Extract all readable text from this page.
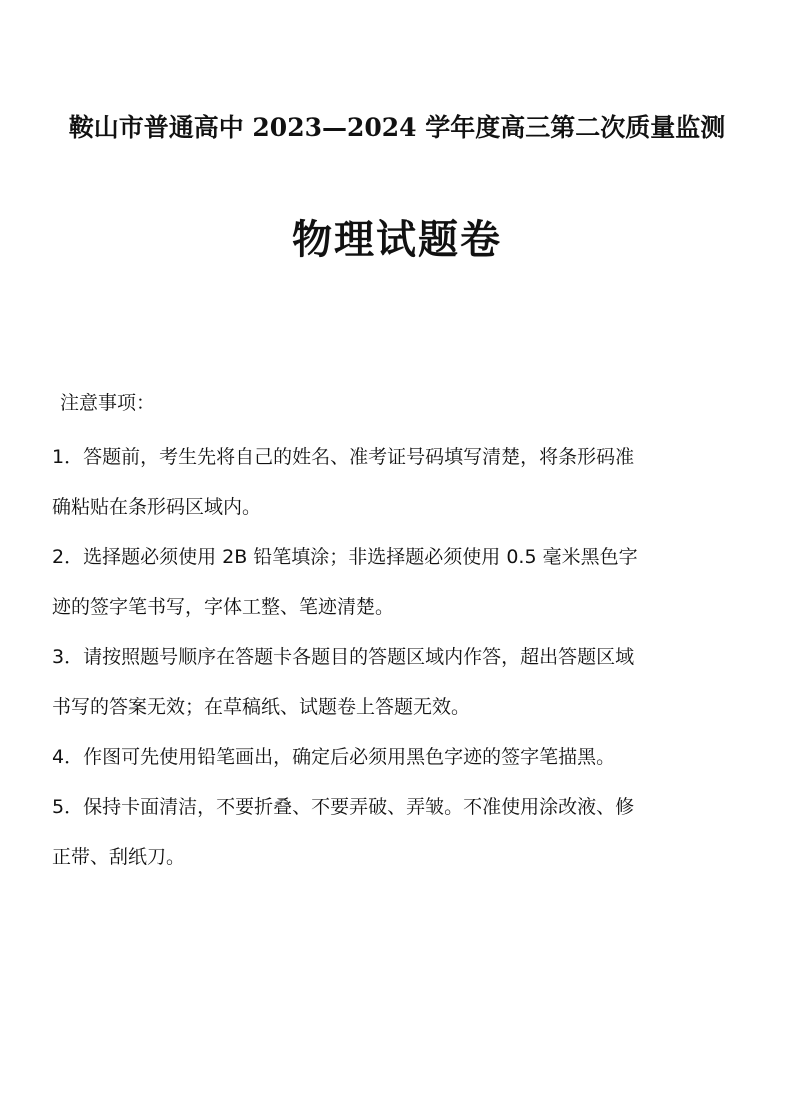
鞍山市普通高中 2023—2024 学年度高三第二次质量监测
物理试题卷
注意事项：
1．答题前，考生先将自己的姓名、准考证号码填写清楚，将条形码准
确粘贴在条形码区域内。
2．选择题必须使用 2B 铅笔填涂；非选择题必须使用 0.5 毫米黑色字
迹的签字笔书写，字体工整、笔迹清楚。
3．请按照题号顺序在答题卡各题目的答题区域内作答，超出答题区域
书写的答案无效；在草稿纸、试题卷上答题无效。
4．作图可先使用铅笔画出，确定后必须用黑色字迹的签字笔描黑。
5．保持卡面清洁，不要折叠、不要弄破、弄皱。不准使用涂改液、修
正带、刮纸刀。
